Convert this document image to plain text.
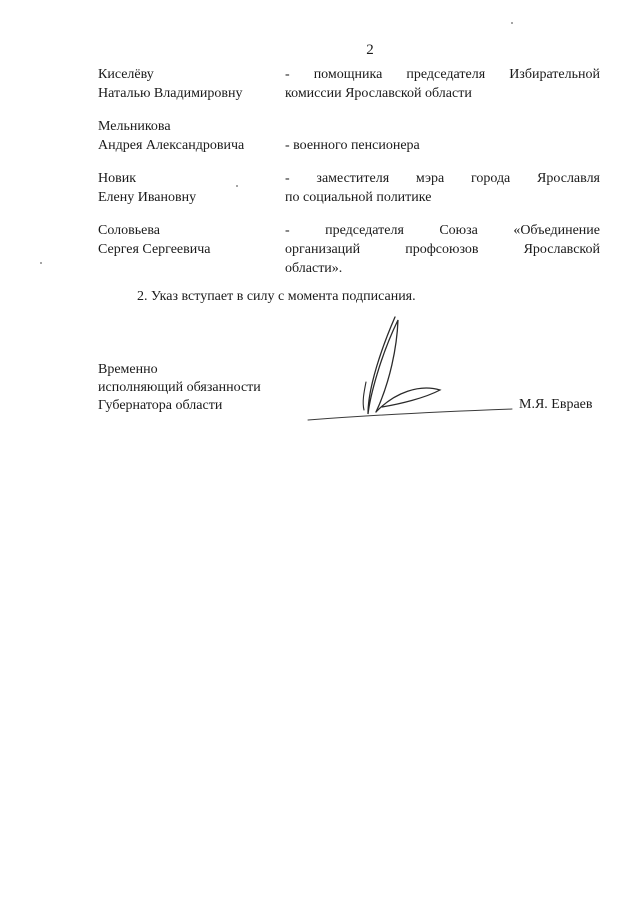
2
Киселёву
Наталью Владимировну
- помощника председателя Избирательной
комиссии Ярославской области
Мельникова
Андрея Александровича
	- военного пенсионера
Новик
Елену Ивановну
- заместителя мэра города Ярославля
по социальной политике
Соловьева
Сергея Сергеевича
- председателя Союза «Объединение
организаций профсоюзов Ярославской
области».
2. Указ вступает в силу с момента подписания.
Временно
исполняющий обязанности
Губернатора области	М.Я. Евраев
